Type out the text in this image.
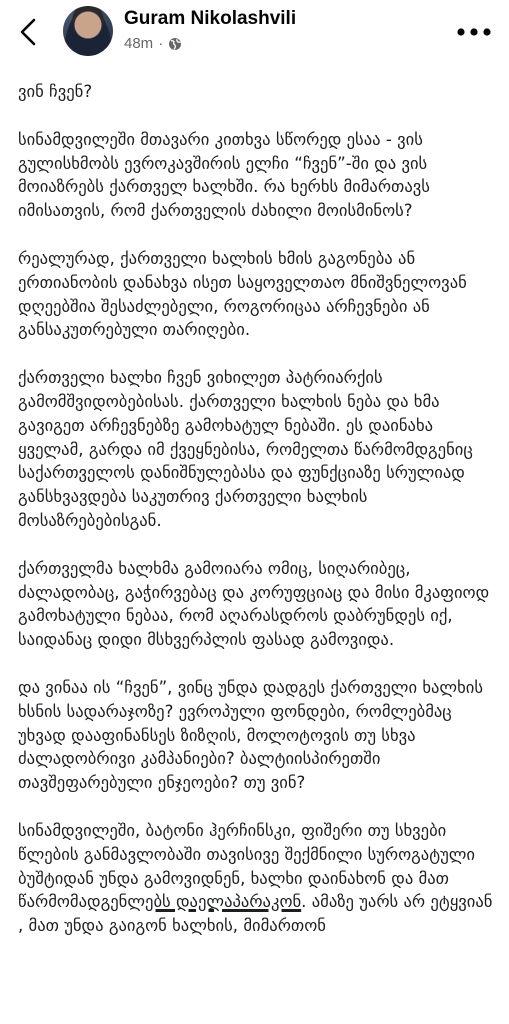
Guram Nikolashvili
48m ·

ვინ ჩვენ?

სინამდვილეში მთავარი კითხვა სწორედ ესაა - ვის გულისხმობს ევროკავშირის ელჩი “ჩვენ”-ში და ვის მოიაზრებს ქართველ ხალხში. რა ხერხს მიმართავს იმისათვის, რომ ქართველის ძახილი მოისმინოს?

რეალურად, ქართველი ხალხის ხმის გაგონება ან ერთიანობის დანახვა ისეთ საყოველთაო მნიშვნელოვან დღეებშია შესაძლებელი, როგორიცაა არჩევნები ან განსაკუთრებული თარიღები.

ქართველი ხალხი ჩვენ ვიხილეთ პატრიარქის გამომშვიდობებისას. ქართველი ხალხის ნება და ხმა გავიგეთ არჩევნებზე გამოხატულ ნებაში. ეს დაინახა ყველამ, გარდა იმ ქვეყნებისა, რომელთა წარმომდგენიც საქართველოს დანიშნულებასა და ფუნქციაზე სრულიად განსხვავდება საკუთრივ ქართველი ხალხის მოსაზრებებისგან.

ქართველმა ხალხმა გამოიარა ომიც, სიღარიბეც, ძალადობაც, გაჭირვებაც და კორუფციაც და მისი მკაფიოდ გამოხატული ნებაა, რომ აღარასდროს დაბრუნდეს იქ, საიდანაც დიდი მსხვერპლის ფასად გამოვიდა.

და ვინაა ის “ჩვენ”, ვინც უნდა დადგეს ქართველი ხალხის ხსნის სადარაჯოზე? ევროპული ფონდები, რომლებმაც უხვად დააფინანსეს ზიზღის, მოლოტოვის თუ სხვა ძალადობრივი კამპანიები? ბალტიისპირეთში თავშეფარებული ენჯეოები? თუ ვინ?

სინამდვილეში, ბატონი ჰერჩინსკი, ფიშერი თუ სხვები წლების განმავლობაში თავისივე შექმნილი სუროგატული ბუშტიდან უნდა გამოვიდნენ, ხალხი დაინახონ და მათ წარმომადგენლებს დაელაპარაკონ. ამაზე უარს არ ეტყვიან , მათ უნდა გაიგონ ხალხის, მიმართონ
